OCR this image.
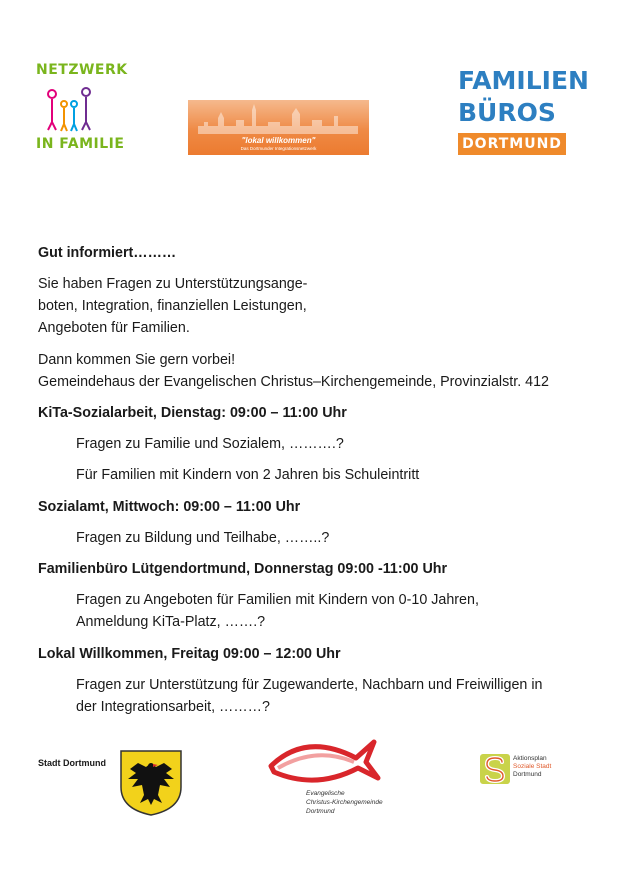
NETZWERK
IN FAMILIE	"lokal willkommen"
Das Dortmunder Integrationsnetzwerk
FAMILIEN
BÜROS
DORTMUND
Gut informiert………
Sie haben Fragen zu Unterstützungsange-
boten, Integration, finanziellen Leistungen,
Angeboten für Familien.
Dann kommen Sie gern vorbei!
Gemeindehaus der Evangelischen Christus–Kirchengemeinde, Provinzialstr. 412
KiTa-Sozialarbeit, Dienstag: 09:00 – 11:00 Uhr
Fragen zu Familie und Sozialem, ……….?
Für Familien mit Kindern von 2 Jahren bis Schuleintritt
Sozialamt, Mittwoch: 09:00 – 11:00 Uhr
Fragen zu Bildung und Teilhabe, ……..?
Familienbüro Lütgendortmund, Donnerstag 09:00 -11:00 Uhr
Fragen zu Angeboten für Familien mit Kindern von 0-10 Jahren,
Anmeldung KiTa-Platz, …….?
Lokal Willkommen, Freitag 09:00 – 12:00 Uhr
Fragen zur Unterstützung für Zugewanderte, Nachbarn und Freiwilligen in
der Integrationsarbeit, ………?
Stadt Dortmund
Evangelische
Christus-Kirchengemeinde
Dortmund
Aktionsplan
Soziale Stadt
Dortmund
